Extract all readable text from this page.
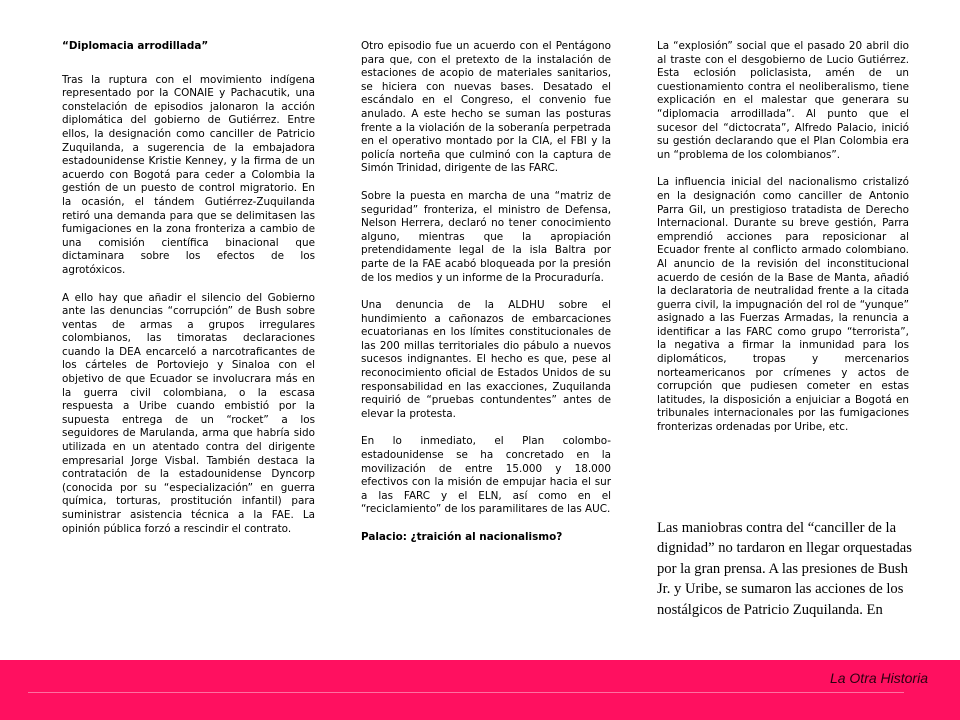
“Diplomacia arrodillada”

Tras la ruptura con el movimiento indígena representado por la CONAIE y Pachacutik, una constelación de episodios jalonaron la acción diplomática del gobierno de Gutiérrez. Entre ellos, la designación como canciller de Patricio Zuquilanda, a sugerencia de la embajadora estadounidense Kristie Kenney, y la firma de un acuerdo con Bogotá para ceder a Colombia la gestión de un puesto de control migratorio. En la ocasión, el tándem Gutiérrez-Zuquilanda retiró una demanda para que se delimitasen las fumigaciones en la zona fronteriza a cambio de una comisión científica binacional que dictaminara sobre los efectos de los agrotóxicos.

A ello hay que añadir el silencio del Gobierno ante las denuncias “corrupción” de Bush sobre ventas de armas a grupos irregulares colombianos, las timoratas declaraciones cuando la DEA encarceló a narcotraficantes de los cárteles de Portoviejo y Sinaloa con el objetivo de que Ecuador se involucrara más en la guerra civil colombiana, o la escasa respuesta a Uribe cuando embistió por la supuesta entrega de un “rocket” a los seguidores de Marulanda, arma que habría sido utilizada en un atentado contra del dirigente empresarial Jorge Visbal. También destaca la contratación de la estadounidense Dyncorp (conocida por su “especialización” en guerra química, torturas, prostitución infantil) para suministrar asistencia técnica a la FAE. La opinión pública forzó a rescindir el contrato.

Otro episodio fue un acuerdo con el Pentágono para que, con el pretexto de la instalación de estaciones de acopio de materiales sanitarios, se hiciera con nuevas bases. Desatado el escándalo en el Congreso, el convenio fue anulado. A este hecho se suman las posturas frente a la violación de la soberanía perpetrada en el operativo montado por la CIA, el FBI y la policía norteña que culminó con la captura de Simón Trinidad, dirigente de las FARC.

Sobre la puesta en marcha de una “matriz de seguridad” fronteriza, el ministro de Defensa, Nelson Herrera, declaró no tener conocimiento alguno, mientras que la apropiación pretendidamente legal de la isla Baltra por parte de la FAE acabó bloqueada por la presión de los medios y un informe de la Procuraduría.

Una denuncia de la ALDHU sobre el hundimiento a cañonazos de embarcaciones ecuatorianas en los límites constitucionales de las 200 millas territoriales dio pábulo a nuevos sucesos indignantes. El hecho es que, pese al reconocimiento oficial de Estados Unidos de su responsabilidad en las exacciones, Zuquilanda requirió de “pruebas contundentes” antes de elevar la protesta.

En lo inmediato, el Plan colombo-estadounidense se ha concretado en la movilización de entre 15.000 y 18.000 efectivos con la misión de empujar hacia el sur a las FARC y el ELN, así como en el “reciclamiento” de los paramilitares de las AUC.

Palacio: ¿traición al nacionalismo?

La “explosión” social que el pasado 20 abril dio al traste con el desgobierno de Lucio Gutiérrez. Esta eclosión policlasista, amén de un cuestionamiento contra el neoliberalismo, tiene explicación en el malestar que generara su “diplomacia arrodillada”. Al punto que el sucesor del “dictocrata”, Alfredo Palacio, inició su gestión declarando que el Plan Colombia era un “problema de los colombianos”.

La influencia inicial del nacionalismo cristalizó en la designación como canciller de Antonio Parra Gil, un prestigioso tratadista de Derecho Internacional. Durante su breve gestión, Parra emprendió acciones para reposicionar al Ecuador frente al conflicto armado colombiano. Al anuncio de la revisión del inconstitucional acuerdo de cesión de la Base de Manta, añadió la declaratoria de neutralidad frente a la citada guerra civil, la impugnación del rol de “yunque” asignado a las Fuerzas Armadas, la renuncia a identificar a las FARC como grupo “terrorista”, la negativa a firmar la inmunidad para los diplomáticos, tropas y mercenarios norteamericanos por crímenes y actos de corrupción que pudiesen cometer en estas latitudes, la disposición a enjuiciar a Bogotá en tribunales internacionales por las fumigaciones fronterizas ordenadas por Uribe, etc.

Las maniobras contra del “canciller de la dignidad” no tardaron en llegar orquestadas por la gran prensa. A las presiones de Bush Jr. y Uribe, se sumaron las acciones de los nostálgicos de Patricio Zuquilanda. En
La Otra Historia
